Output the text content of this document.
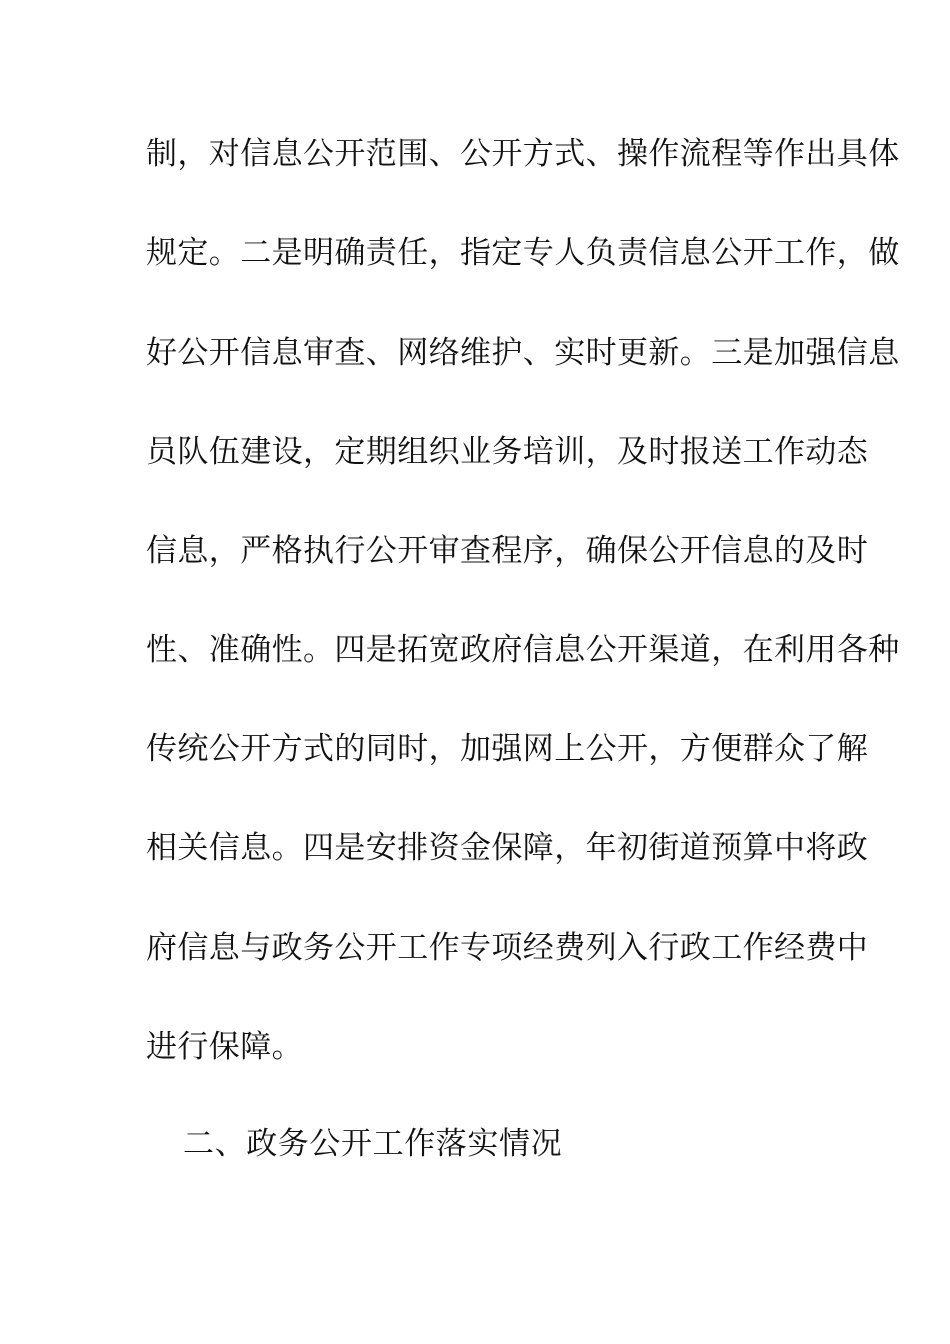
制，对信息公开范围、公开方式、操作流程等作出具体
规定。二是明确责任，指定专人负责信息公开工作，做
好公开信息审查、网络维护、实时更新。三是加强信息
员队伍建设，定期组织业务培训，及时报送工作动态
信息，严格执行公开审查程序，确保公开信息的及时
性、准确性。四是拓宽政府信息公开渠道，在利用各种
传统公开方式的同时，加强网上公开，方便群众了解
相关信息。四是安排资金保障，年初街道预算中将政
府信息与政务公开工作专项经费列入行政工作经费中
进行保障。
二、政务公开工作落实情况
